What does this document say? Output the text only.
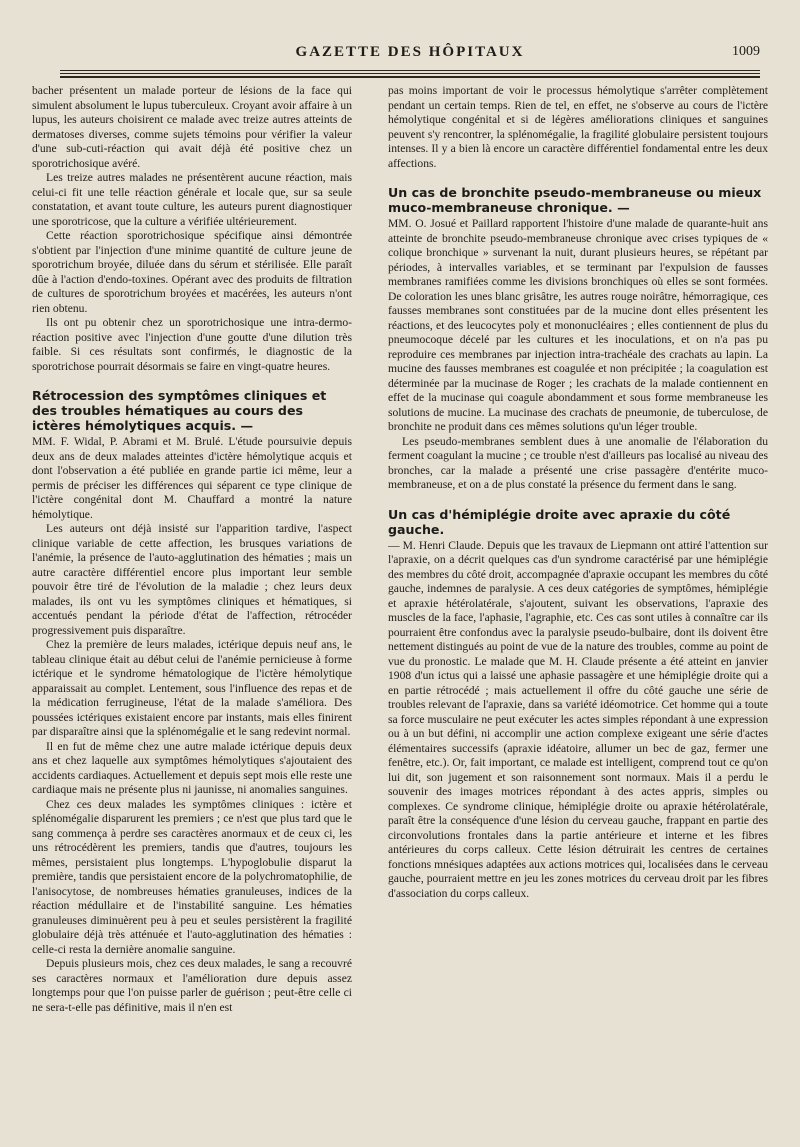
GAZETTE DES HÔPITAUX	1009

bacher présentent un malade porteur de lésions de la face qui simulent absolument le lupus tuberculeux. Croyant avoir affaire à un lupus, les auteurs choisirent ce malade avec treize autres atteints de dermatoses diverses, comme sujets témoins pour vérifier la valeur d'une sub-cuti-réaction qui avait déjà été positive chez un sporotrichosique avéré.

Les treize autres malades ne présentèrent aucune réaction, mais celui-ci fit une telle réaction générale et locale que, sur sa seule constatation, et avant toute culture, les auteurs purent diagnostiquer une sporotricose, que la culture a vérifiée ultérieurement.

Cette réaction sporotrichosique spécifique ainsi démontrée s'obtient par l'injection d'une minime quantité de culture jeune de sporotrichum broyée, diluée dans du sérum et stérilisée. Elle paraît dûe à l'action d'endo-toxines. Opérant avec des produits de filtration de cultures de sporotrichum broyées et macérées, les auteurs n'ont rien obtenu.

Ils ont pu obtenir chez un sporotrichosique une intra-dermo-réaction positive avec l'injection d'une goutte d'une dilution très faible. Si ces résultats sont confirmés, le diagnostic de la sporotrichose pourrait désormais se faire en vingt-quatre heures.

Rétrocession des symptômes cliniques et des troubles hématiques au cours des ictères hémolytiques acquis. —

MM. F. Widal, P. Abrami et M. Brulé. L'étude poursuivie depuis deux ans de deux malades atteintes d'ictère hémolytique acquis et dont l'observation a été publiée en grande partie ici même, leur a permis de préciser les différences qui séparent ce type clinique de l'ictère congénital dont M. Chauffard a montré la nature hémolytique.

Les auteurs ont déjà insisté sur l'apparition tardive, l'aspect clinique variable de cette affection, les brusques variations de l'anémie, la présence de l'auto-agglutination des hématies ; mais un autre caractère différentiel encore plus important leur semble pouvoir être tiré de l'évolution de la maladie ; chez leurs deux malades, ils ont vu les symptômes cliniques et hématiques, si accentués pendant la période d'état de l'affection, rétrocéder progressivement puis disparaître.

Chez la première de leurs malades, ictérique depuis neuf ans, le tableau clinique était au début celui de l'anémie pernicieuse à forme ictérique et le syndrome hématologique de l'ictère hémolytique apparaissait au complet. Lentement, sous l'influence des repas et de la médication ferrugineuse, l'état de la malade s'améliora. Des poussées ictériques existaient encore par instants, mais elles finirent par disparaître ainsi que la splénomégalie et le sang redevint normal.

Il en fut de même chez une autre malade ictérique depuis deux ans et chez laquelle aux symptômes hémolytiques s'ajoutaient des accidents cardiaques. Actuellement et depuis sept mois elle reste une cardiaque mais ne présente plus ni jaunisse, ni anomalies sanguines.

Chez ces deux malades les symptômes cliniques : ictère et splénomégalie disparurent les premiers ; ce n'est que plus tard que le sang commença à perdre ses caractères anormaux et de ceux ci, les uns rétrocédèrent les premiers, tandis que d'autres, toujours les mêmes, persistaient plus longtemps. L'hypoglobulie disparut la première, tandis que persistaient encore de la polychromatophilie, de l'anisocytose, de nombreuses hématies granuleuses, indices de la réaction médullaire et de l'instabilité sanguine. Les hématies granuleuses diminuèrent peu à peu et seules persistèrent la fragilité globulaire déjà très atténuée et l'auto-agglutination des hématies : celle-ci resta la dernière anomalie sanguine.

Depuis plusieurs mois, chez ces deux malades, le sang a recouvré ses caractères normaux et l'amélioration dure depuis assez longtemps pour que l'on puisse parler de guérison ; peut-être celle ci ne sera-t-elle pas définitive, mais il n'en est

pas moins important de voir le processus hémolytique s'arrêter complètement pendant un certain temps. Rien de tel, en effet, ne s'observe au cours de l'ictère hémolytique congénital et si de légères améliorations cliniques et sanguines peuvent s'y rencontrer, la splénomégalie, la fragilité globulaire persistent toujours intenses. Il y a bien là encore un caractère différentiel fondamental entre les deux affections.

Un cas de bronchite pseudo-membraneuse ou mieux muco-membraneuse chronique. —

MM. O. Josué et Paillard rapportent l'histoire d'une malade de quarante-huit ans atteinte de bronchite pseudo-membraneuse chronique avec crises typiques de « colique bronchique » survenant la nuit, durant plusieurs heures, se répétant par périodes, à intervalles variables, et se terminant par l'expulsion de fausses membranes ramifiées comme les divisions bronchiques où elles se sont formées. De coloration les unes blanc grisâtre, les autres rouge noirâtre, hémorragique, ces fausses membranes sont constituées par de la mucine dont elles présentent les réactions, et des leucocytes poly et mononucléaires ; elles contiennent de plus du pneumocoque décelé par les cultures et les inoculations, et on n'a pas pu reproduire ces membranes par injection intra-trachéale des crachats au lapin. La mucine des fausses membranes est coagulée et non précipitée ; la coagulation est déterminée par la mucinase de Roger ; les crachats de la malade contiennent en effet de la mucinase qui coagule abondamment et sous forme membraneuse les solutions de mucine. La mucinase des crachats de pneumonie, de tuberculose, de bronchite ne produit dans ces mêmes solutions qu'un léger trouble.

Les pseudo-membranes semblent dues à une anomalie de l'élaboration du ferment coagulant la mucine ; ce trouble n'est d'ailleurs pas localisé au niveau des bronches, car la malade a présenté une crise passagère d'entérite muco-membraneuse, et on a de plus constaté la présence du ferment dans le sang.

Un cas d'hémiplégie droite avec apraxie du côté gauche.

— M. Henri Claude. Depuis que les travaux de Liepmann ont attiré l'attention sur l'apraxie, on a décrit quelques cas d'un syndrome caractérisé par une hémiplégie des membres du côté droit, accompagnée d'apraxie occupant les membres du côté gauche, indemnes de paralysie. A ces deux catégories de symptômes, hémiplégie et apraxie hétérolatérale, s'ajoutent, suivant les observations, l'apraxie des muscles de la face, l'aphasie, l'agraphie, etc. Ces cas sont utiles à connaître car ils pourraient être confondus avec la paralysie pseudo-bulbaire, dont ils doivent être nettement distingués au point de vue de la nature des troubles, comme au point de vue du pronostic. Le malade que M. H. Claude présente a été atteint en janvier 1908 d'un ictus qui a laissé une aphasie passagère et une hémiplégie droite qui a en partie rétrocédé ; mais actuellement il offre du côté gauche une série de troubles relevant de l'apraxie, dans sa variété idéomotrice. Cet homme qui a toute sa force musculaire ne peut exécuter les actes simples répondant à une expression ou à un but défini, ni accomplir une action complexe exigeant une série d'actes élémentaires successifs (apraxie idéatoire, allumer un bec de gaz, fermer une fenêtre, etc.). Or, fait important, ce malade est intelligent, comprend tout ce qu'on lui dit, son jugement et son raisonnement sont normaux. Mais il a perdu le souvenir des images motrices répondant à des actes appris, simples ou complexes. Ce syndrome clinique, hémiplégie droite ou apraxie hétérolatérale, paraît être la conséquence d'une lésion du cerveau gauche, frappant en partie des circonvolutions frontales dans la partie antérieure et interne et les fibres antérieures du corps calleux. Cette lésion détruirait les centres de certaines fonctions mnésiques adaptées aux actions motrices qui, localisées dans le cerveau gauche, pourraient mettre en jeu les zones motrices du cerveau droit par les fibres d'association du corps calleux.
